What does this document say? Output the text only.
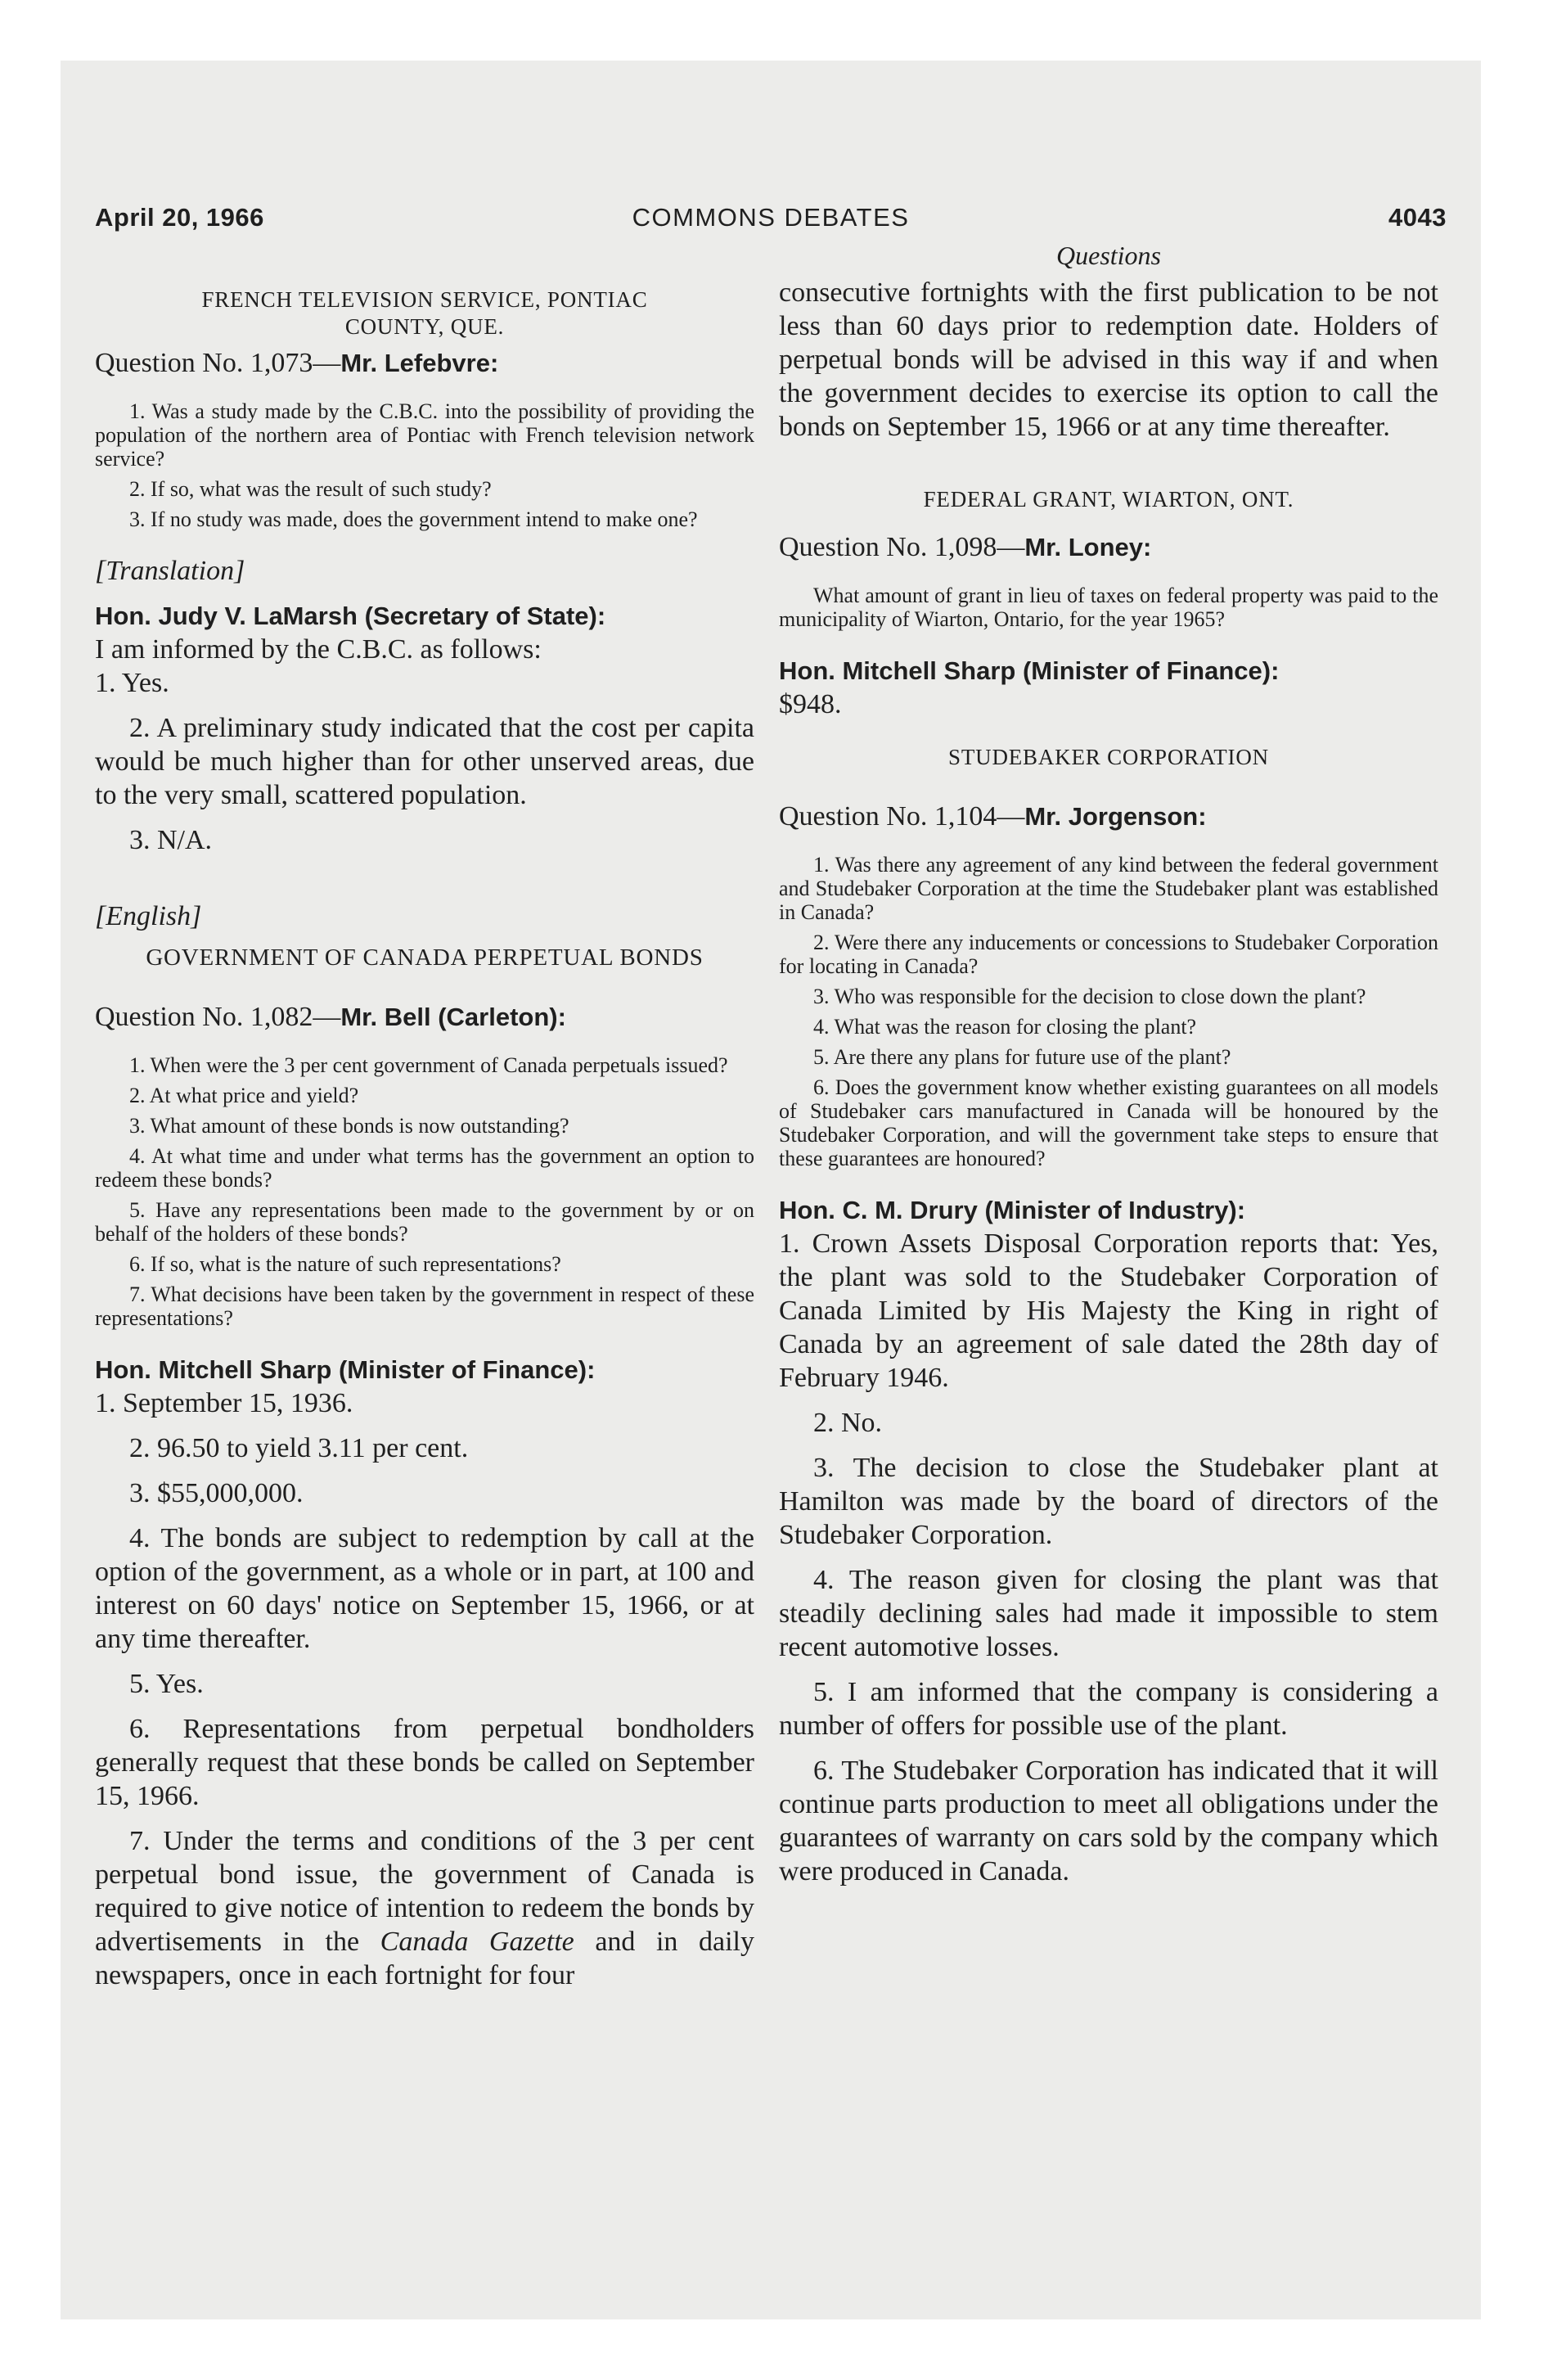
April 20, 1966	COMMONS DEBATES	4043

FRENCH TELEVISION SERVICE, PONTIAC

COUNTY, QUE.

Question No. 1,073—Mr. Lefebvre:

1. Was a study made by the C.B.C. into the possibility of providing the population of the northern area of Pontiac with French television network service?

2. If so, what was the result of such study?

3. If no study was made, does the government intend to make one?

[Translation]

Hon. Judy V. LaMarsh (Secretary of State):

I am informed by the C.B.C. as follows:

1. Yes.

2. A preliminary study indicated that the cost per capita would be much higher than for other unserved areas, due to the very small, scattered population.

3. N/A.

[English]

GOVERNMENT OF CANADA PERPETUAL BONDS

Question No. 1,082—Mr. Bell (Carleton):

1. When were the 3 per cent government of Canada perpetuals issued?

2. At what price and yield?

3. What amount of these bonds is now outstanding?

4. At what time and under what terms has the government an option to redeem these bonds?

5. Have any representations been made to the government by or on behalf of the holders of these bonds?

6. If so, what is the nature of such representations?

7. What decisions have been taken by the government in respect of these representations?

Hon. Mitchell Sharp (Minister of Finance):

1. September 15, 1936.

2. 96.50 to yield 3.11 per cent.

3. $55,000,000.

4. The bonds are subject to redemption by call at the option of the government, as a whole or in part, at 100 and interest on 60 days' notice on September 15, 1966, or at any time thereafter.

5. Yes.

6. Representations from perpetual bondholders generally request that these bonds be called on September 15, 1966.

7. Under the terms and conditions of the 3 per cent perpetual bond issue, the government of Canada is required to give notice of intention to redeem the bonds by advertisements in the Canada Gazette and in daily newspapers, once in each fortnight for four

Questions

consecutive fortnights with the first publication to be not less than 60 days prior to redemption date. Holders of perpetual bonds will be advised in this way if and when the government decides to exercise its option to call the bonds on September 15, 1966 or at any time thereafter.

FEDERAL GRANT, WIARTON, ONT.

Question No. 1,098—Mr. Loney:

What amount of grant in lieu of taxes on federal property was paid to the municipality of Wiarton, Ontario, for the year 1965?

Hon. Mitchell Sharp (Minister of Finance):

$948.

STUDEBAKER CORPORATION

Question No. 1,104—Mr. Jorgenson:

1. Was there any agreement of any kind between the federal government and Studebaker Corporation at the time the Studebaker plant was established in Canada?

2. Were there any inducements or concessions to Studebaker Corporation for locating in Canada?

3. Who was responsible for the decision to close down the plant?

4. What was the reason for closing the plant?

5. Are there any plans for future use of the plant?

6. Does the government know whether existing guarantees on all models of Studebaker cars manufactured in Canada will be honoured by the Studebaker Corporation, and will the government take steps to ensure that these guarantees are honoured?

Hon. C. M. Drury (Minister of Industry):

1. Crown Assets Disposal Corporation reports that: Yes, the plant was sold to the Studebaker Corporation of Canada Limited by His Majesty the King in right of Canada by an agreement of sale dated the 28th day of February 1946.

2. No.

3. The decision to close the Studebaker plant at Hamilton was made by the board of directors of the Studebaker Corporation.

4. The reason given for closing the plant was that steadily declining sales had made it impossible to stem recent automotive losses.

5. I am informed that the company is considering a number of offers for possible use of the plant.

6. The Studebaker Corporation has indicated that it will continue parts production to meet all obligations under the guarantees of warranty on cars sold by the company which were produced in Canada.
